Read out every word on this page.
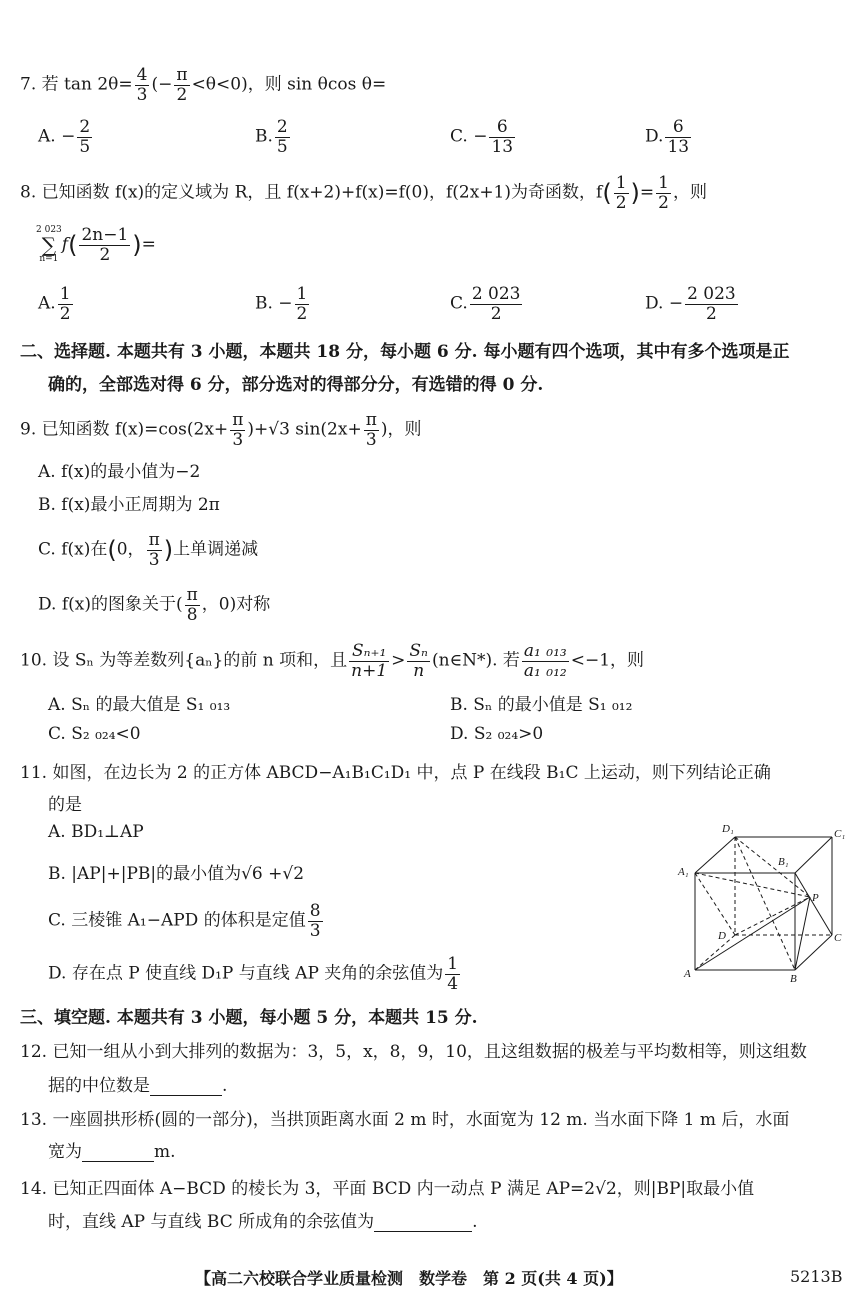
7. 若 $\tan 2\theta= \frac{4}{3}$ (− $\frac{\pi}{2} <\theta<0$)，则 sin θcos θ=
A. − $\frac{2}{5}$	B. $\frac{2}{5}$	C. − $\frac{6}{13}$	D. $\frac{6}{13}$
8. 已知函数 f(x)的定义域为 R，且 f(x+2)+f(x)=f(0)，f(2x+1)为奇函数，$f( \frac{1}{2}$ )= $\frac{1}{2}$ ，则
2 023
∑
n=1
$f( \frac{2n-1}{2}$ )=
A. $\frac{1}{2}$	B. − $\frac{1}{2}$	C. $\frac{2 023}{2}$	D. − $\frac{2 023}{2}$
二、选择题. 本题共有 3 小题，本题共 18 分，每小题 6 分. 每小题有四个选项，其中有多个选项是正
确的，全部选对得 6 分，部分选对的得部分分，有选错的得 0 分.
9. 已知函数 $f(x)=\cos(2x+ \frac{\pi}{3} )+√3$ $\sin(2x+ \frac{\pi}{3}$ )，则
A. f(x)的最小值为−2
B. f(x)最小正周期为 2π
C. f(x)在(0， $\frac{\pi}{3}$ )上单调递减
D. f(x)的图象关于( $\frac{\pi}{8}$ ，0)对称
10. 设 Sₙ 为等差数列{aₙ}的前 n 项和，且 $\frac{\text{Sₙ₊₁}}{n+1} > \frac{\text{Sₙ}}{n}$ (n∈N*). 若 $\frac{\text{a₁ ₀₁₃}}{\text{a₁ ₀₁₂}} <-1$，则
A. Sₙ 的最大值是 S₁ ₀₁₃	B. Sₙ 的最小值是 S₁ ₀₁₂
C. S₂ ₀₂₄<0	D. S₂ ₀₂₄>0
11. 如图，在边长为 2 的正方体 ABCD−A₁B₁C₁D₁ 中，点 P 在线段 B₁C 上运动，则下列结论正确
的是
A. BD₁⊥AP
B. |AP|+|PB|的最小值为√6 +√2
C. 三棱锥 A₁−APD 的体积是定值 $\frac{8}{3}$
D. 存在点 P 使直线 D₁P 与直线 AP 夹角的余弦值为 $\frac{1}{4}$
D₁	C₁
A₁
B₁
P
D	C
A	B
三、填空题. 本题共有 3 小题，每小题 5 分，本题共 15 分.
12. 已知一组从小到大排列的数据为：3，5，x，8，9，10，且这组数据的极差与平均数相等，则这组数
据的中位数是	.
13. 一座圆拱形桥(圆的一部分)，当拱顶距离水面 2 m 时，水面宽为 12 m. 当水面下降 1 m 后，水面
宽为	m.
14. 已知正四面体 A−BCD 的棱长为 3，平面 BCD 内一动点 P 满足 AP=2√2，则|BP|取最小值
时，直线 AP 与直线 BC 所成角的余弦值为	.
【高二六校联合学业质量检测　数学卷　第 2 页(共 4 页)】	5213B
